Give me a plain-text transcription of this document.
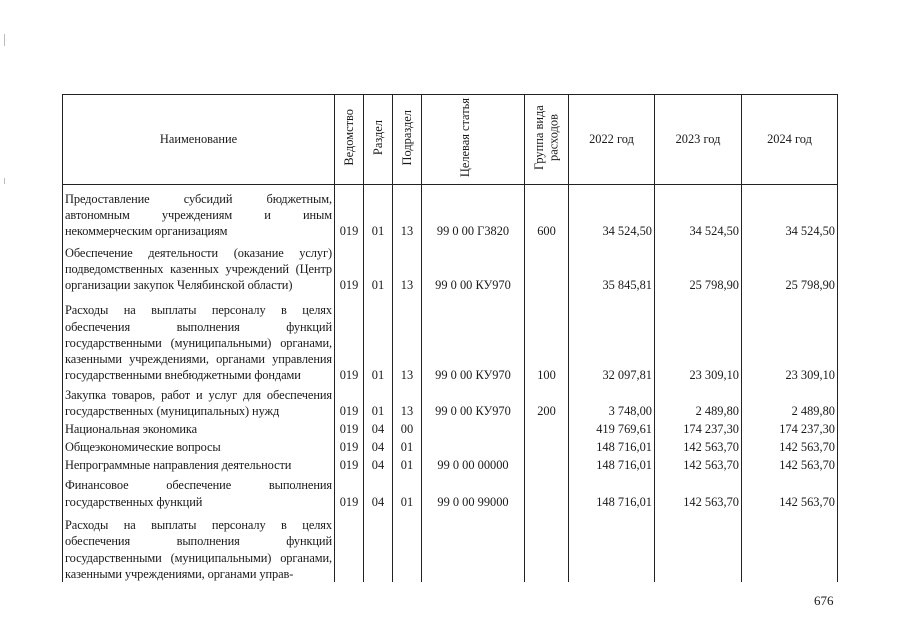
Наименование	Ведомство	Раздел	Подраздел	Целевая статья	Группа вида расходов	2022 год	2023 год	2024 год
Предоставление субсидий бюджетным, автономным учреждениям и иным некоммерческим организациям	019	01	13	99 0 00 Г3820	600	34 524,50	34 524,50	34 524,50
Обеспечение деятельности (оказание услуг) подведомственных казенных учреждений (Центр организации закупок Челябинской области)	019	01	13	99 0 00 КУ970		35 845,81	25 798,90	25 798,90
Расходы на выплаты персоналу в целях обеспечения выполнения функций государственными (муниципальными) органами, казенными учреждениями, органами управления государственными внебюджетными фондами	019	01	13	99 0 00 КУ970	100	32 097,81	23 309,10	23 309,10
Закупка товаров, работ и услуг для обеспечения государственных (муниципальных) нужд	019	01	13	99 0 00 КУ970	200	3 748,00	2 489,80	2 489,80
Национальная экономика	019	04	00			419 769,61	174 237,30	174 237,30
Общеэкономические вопросы	019	04	01			148 716,01	142 563,70	142 563,70
Непрограммные направления деятельности	019	04	01	99 0 00 00000		148 716,01	142 563,70	142 563,70
Финансовое обеспечение выполнения государственных функций	019	04	01	99 0 00 99000		148 716,01	142 563,70	142 563,70
Расходы на выплаты персоналу в целях обеспечения выполнения функций государственными (муниципальными) органами, казенными учреждениями, органами управ-								
676
